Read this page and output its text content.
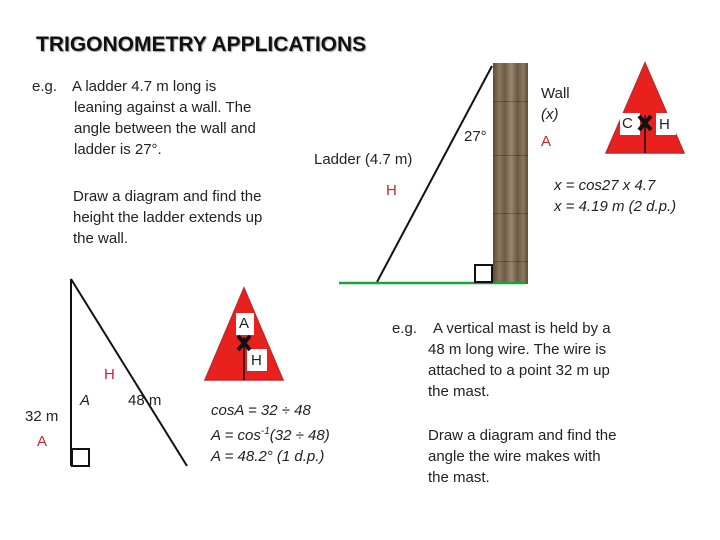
TRIGONOMETRY APPLICATIONS
e.g. A ladder 4.7 m long is
leaning against a wall. The
angle between the wall and
ladder is 27°.
Draw a diagram and find the
height the ladder extends up
the wall.
Ladder (4.7 m)
27°
H
Wall
(x)
A
C H
x = cos27 x 4.7
x = 4.19 m (2 d.p.)
H
A	48 m
32 m
A
A
H
cosA = 32 ÷ 48
$A = \cos^{-1}(32 \div 48)$
A = 48.2° (1 d.p.)
e.g. A vertical mast is held by a
48 m long wire. The wire is
attached to a point 32 m up
the mast.
Draw a diagram and find the
angle the wire makes with
the mast.
